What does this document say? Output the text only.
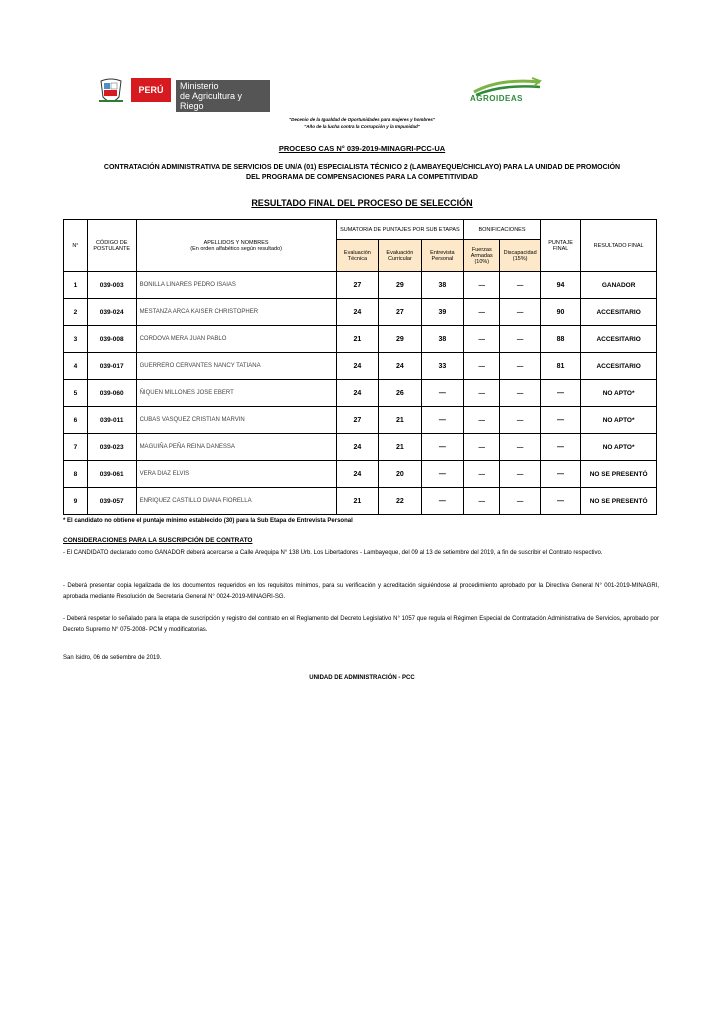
PERÚ	Ministerio
de Agricultura y Riego
AGROIDEAS
"Decenio de la Igualdad de Oportunidades para mujeres y hombres"
"Año de la lucha contra la Corrupción y la Impunidad"
PROCESO CAS N° 039-2019-MINAGRI-PCC-UA
CONTRATACIÓN ADMINISTRATIVA DE SERVICIOS DE UN/A (01) ESPECIALISTA TÉCNICO 2 (LAMBAYEQUE/CHICLAYO) PARA LA UNIDAD DE PROMOCIÓN
DEL PROGRAMA DE COMPENSACIONES PARA LA COMPETITIVIDAD
RESULTADO FINAL DEL PROCESO DE SELECCIÓN
N°	CÓDIGO DE POSTULANTE	APELLIDOS Y NOMBRES
(En orden alfabético según resultado)	SUMATORIA DE PUNTAJES POR SUB ETAPAS			BONIFICACIONES		PUNTAJE FINAL	RESULTADO FINAL
			Evaluación Técnica	Evaluación Curricular	Entrevista Personal	Fuerzas Armadas (10%)	Discapacidad (15%)		
1	039-003	BONILLA LINARES PEDRO ISAIAS	27	29	38	—	—	94	GANADOR
2	039-024	MESTANZA ARCA KAISER CHRISTOPHER	24	27	39	—	—	90	ACCESITARIO
3	039-008	CORDOVA MERA JUAN PABLO	21	29	38	—	—	88	ACCESITARIO
4	039-017	GUERRERO CERVANTES NANCY TATIANA	24	24	33	—	—	81	ACCESITARIO
5	039-060	ÑIQUEN MILLONES JOSE EBERT	24	26	—	—	—	—	NO APTO*
6	039-011	CUBAS VASQUEZ CRISTIAN MARVIN	27	21	—	—	—	—	NO APTO*
7	039-023	MAGUIÑA PEÑA REINA DANESSA	24	21	—	—	—	—	NO APTO*
8	039-061	VERA DIAZ ELVIS	24	20	—	—	—	—	NO SE PRESENTÓ
9	039-057	ENRIQUEZ CASTILLO DIANA FIORELLA	21	22	—	—	—	—	NO SE PRESENTÓ
* El candidato no obtiene el puntaje mínimo establecido (30) para la Sub Etapa de Entrevista Personal
CONSIDERACIONES PARA LA SUSCRIPCIÓN DE CONTRATO
- El CANDIDATO declarado como GANADOR deberá acercarse a Calle Arequipa N° 138 Urb. Los Libertadores - Lambayeque, del 09 al 13 de setiembre del 2019, a fin de suscribir el Contrato respectivo.
- Deberá presentar copia legalizada de los documentos requeridos en los requisitos mínimos, para su verificación y acreditación siguiéndose al procedimiento aprobado por la Directiva General N° 001-2019-MINAGRI, aprobada mediante Resolución de Secretaria General N° 0024-2019-MINAGRI-SG.
- Deberá respetar lo señalado para la etapa de suscripción y registro del contrato en el Reglamento del Decreto Legislativo N° 1057 que regula el Régimen Especial de Contratación Administrativa de Servicios, aprobado por Decreto Supremo N° 075-2008- PCM y modificatorias.
San Isidro, 06 de setiembre de 2019.
UNIDAD DE ADMINISTRACIÓN - PCC
